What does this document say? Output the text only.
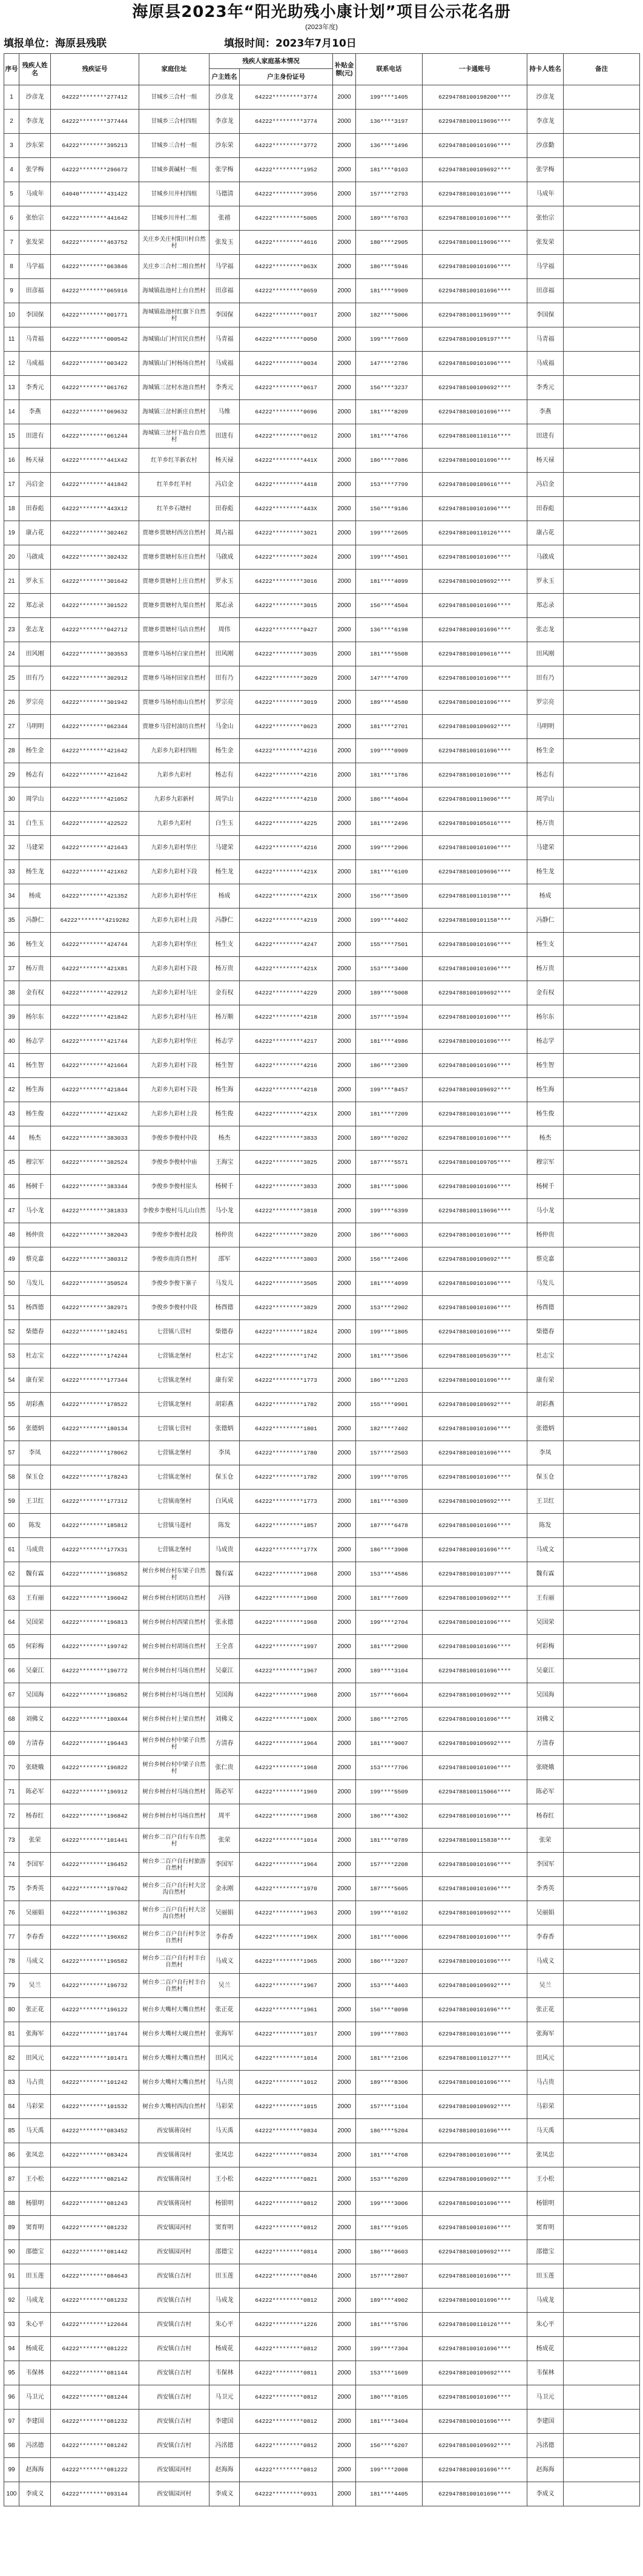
海原县2023年“阳光助残小康计划”项目公示花名册
(2023年度)
填报单位：海原县残联	填报时间：2023年7月10日
序号	残疾人姓名	残疾证号	家庭住址	残疾人家庭基本情况		补贴金额(元)	联系电话	一卡通账号	持卡人姓名	备注
				户主姓名	户主身份证号					
1	沙彦龙	64222********277412	甘城乡三合村一组	沙彦龙	64222*********3774	2000	199****1405	62294788100198200****	沙彦龙	
2	李彦龙	64222********377444	甘城乡三合村四组	李彦龙	64222*********3774	2000	136****3197	62294788100119696****	李彦龙	
3	沙东荣	64222********395213	甘城乡三合村一组	沙东荣	64222*********3772	2000	136****1496	62294788100101696****	沙彦勤	
4	张学梅	64222********296672	甘城乡黄碱村一组	张学梅	64222*********1952	2000	181****0103	62294788100109692****	张学梅	
5	马成年	64040********431422	甘城乡川井村四组	马德清	64222*********3956	2000	157****2793	62294788100101696****	马成年	
6	张怡宗	64222********441642	甘城乡川井村二组	张禧	64222*********5005	2000	189****6703	62294788100101696****	张怡宗	
7	张发荣	64222********463752	关庄乡关庄村阳川村自然村	张发玉	64222*********4616	2000	180****2905	62294788100119696****	张发荣	
8	马学福	64222********063846	关庄乡三合村二组自然村	马学福	64222*********063X	2000	186****5946	62294788100101696****	马学福	
9	田彦福	64222********065916	海城镇盐池村上台自然村	田彦福	64222*********0659	2000	181****9909	62294788100101696****	田彦福	
10	李国保	64222********001771	海城镇盐池村红旗下自然村	李国保	64222*********0017	2000	182****5006	62294788100119699****	李国保	
11	马青福	64222********000542	海城镇山门村官民自然村	马青福	64222*********0050	2000	199****7669	62294788100109197****	马青福	
12	马成福	64222********003422	海城镇山门村杨场自然村	马成福	64222*********0034	2000	147****2786	62294788100101696****	马成福	
13	李秀元	64222********061762	海城镇三岔村水池自然村	李秀元	64222*********0617	2000	156****3237	62294788100109692****	李秀元	
14	李燕	64222********069632	海城镇三岔村新庄自然村	马维	64222*********0696	2000	181****8209	62294788100101696****	李燕	
15	田进有	64222********061244	海城镇三岔村下盐台自然村	田进有	64222*********0612	2000	181****4766	62294788100110116****	田进有	
16	杨天禄	64222********441X42	红羊乡红羊新农村	杨天禄	64222*********441X	2000	186****7086	62294788100101696****	杨天禄	
17	冯启金	64222********441842	红羊乡红羊村	冯启金	64222*********4418	2000	153****7799	62294788100109616****	冯启金	
18	田春彪	64222********443X12	红羊乡石塘村	田春彪	64222*********443X	2000	156****9186	62294788100101696****	田春彪	
19	康占花	64222********302462	贾塘乡贾塘村西岔自然村	周占福	64222*********3021	2000	199****2605	62294788100110126****	康占花	
20	马啟成	64222********302432	贾塘乡贾塘村东庄自然村	马啟成	64222*********3024	2000	199****4501	62294788100101696****	马啟成	
21	罗永玉	64222********301642	贾塘乡贾塘村上庄自然村	罗永玉	64222*********3016	2000	181****4099	62294788100109692****	罗永玉	
22	郑志录	64222********301522	贾塘乡贾塘村九渠自然村	郑志录	64222*********3015	2000	156****4504	62294788100101696****	郑志录	
23	张志龙	64222********042712	贾塘乡贾塘村马店自然村	周伟	64222*********0427	2000	136****6198	62294788100101696****	张志龙	
24	田风刚	64222********303553	贾塘乡马场村白家自然村	田风刚	64222*********3035	2000	181****5508	62294788100109616****	田风刚	
25	田有乃	64222********302912	贾塘乡马场村田家自然村	田有乃	64222*********3029	2000	147****4709	62294788100101696****	田有乃	
26	罗宗亮	64222********301942	贾塘乡马场村南山自然村	罗宗亮	64222*********3019	2000	189****4580	62294788100101696****	罗宗亮	
27	马明明	64222********062344	贾塘乡马营村油坊自然村	马金山	64222*********0623	2000	181****2701	62294788100109692****	马明明	
28	杨生金	64222********421642	九彩乡九彩村四组	杨生金	64222*********4216	2000	199****0909	62294788100101696****	杨生金	
29	杨志有	64222********421642	九彩乡九彩村	杨志有	64222*********4216	2000	181****1786	62294788100101696****	杨志有	
30	周学山	64222********421052	九彩乡九彩新村	周学山	64222*********4210	2000	186****4604	62294788100119696****	周学山	
31	白生玉	64222********422522	九彩乡九彩村	白生玉	64222*********4225	2000	181****2496	62294788100105616****	杨万贵	
32	马建荣	64222********421643	九彩乡九彩村华庄	马建荣	64222*********4216	2000	199****2906	62294788100101696****	马建荣	
33	杨生龙	64222********421X62	九彩乡九彩村下段	杨生龙	64222*********421X	2000	181****6109	62294788100109696****	杨生龙	
34	杨成	64222********421352	九彩乡九彩村华庄	杨成	64222*********421X	2000	156****3509	62294788100110198****	杨成	
35	冯静仁	64222********4219282	九彩乡九彩村上段	冯静仁	64222*********4219	2000	199****4402	62294788100101158****	冯静仁	
36	杨生支	64222********424744	九彩乡九彩村华庄	杨生支	64222*********4247	2000	155****7501	62294788100101696****	杨生支	
37	杨万贵	64222********421X81	九彩乡九彩村下段	杨万贵	64222*********421X	2000	153****3400	62294788100101696****	杨万贵	
38	金有权	64222********422912	九彩乡九彩村马庄	金有权	64222*********4229	2000	189****5008	62294788100109692****	金有权	
39	杨尔东	64222********421842	九彩乡九彩村马庄	杨万顺	64222*********4218	2000	157****1594	62294788100101696****	杨尔东	
40	杨志学	64222********421744	九彩乡九彩村华庄	杨志学	64222*********4217	2000	181****4986	62294788100101696****	杨志学	
41	杨生智	64222********421664	九彩乡九彩村下段	杨生智	64222*********4216	2000	186****2309	62294788100101696****	杨生智	
42	杨生海	64222********421844	九彩乡九彩村下段	杨生海	64222*********4218	2000	199****8457	62294788100109692****	杨生海	
43	杨生俊	64222********421X42	九彩乡九彩村上段	杨生俊	64222*********421X	2000	181****7209	62294788100101696****	杨生俊	
44	杨杰	64222********383033	李俊乡李俊村中段	杨杰	64222*********3833	2000	189****0202	62294788100101696****	杨杰	
45	穆宗军	64222********382524	李俊乡李俊村中庙	王海宝	64222*********3825	2000	187****5571	62294788100109705****	穆宗军	
46	杨树千	64222********383344	李俊乡李俊村崖头	杨树千	64222*********3833	2000	181****1006	62294788100101696****	杨树千	
47	马小龙	64222********381833	李俊乡李俊村马儿山自然	马小龙	64222*********3818	2000	199****6399	62294788100119696****	马小龙	
48	杨仲贵	64222********382043	李俊乡李俊村北段	杨仲贵	64222*********3820	2000	186****6003	62294788100101696****	杨仲贵	
49	蔡克嘉	64222********380312	李俊乡南湾自然村	邵军	64222*********3803	2000	156****2406	62294788100109692****	蔡克嘉	
50	马发儿	64222********350524	李俊乡李俊下寨子	马发儿	64222*********3505	2000	181****4099	62294788100101696****	马发儿	
51	杨酉德	64222********382971	李俊乡李俊村中段	杨酉德	64222*********3829	2000	153****2902	62294788100101696****	杨酉德	
52	柴德春	64222********182451	七营镇八营村	柴德春	64222*********1824	2000	199****1805	62294788100101696****	柴德春	
53	杜志宝	64222********174244	七营镇北堡村	杜志宝	64222*********1742	2000	181****3506	62294788100105639****	杜志宝	
54	康有荣	64222********177344	七营镇北堡村	康有荣	64222*********1773	2000	186****1203	62294788100101696****	康有荣	
55	胡彩燕	64222********178522	七营镇北堡村	胡彩燕	64222*********1782	2000	155****0901	62294788100109692****	胡彩燕	
56	张德炳	64222********180134	七营镇七营村	张德炳	64222*********1801	2000	182****7402	62294788100101696****	张德炳	
57	李凤	64222********178062	七营镇北堡村	李凤	64222*********1780	2000	157****2503	62294788100101696****	李凤	
58	保玉仓	64222********178243	七营镇北堡村	保玉仓	64222*********1782	2000	199****0705	62294788100101696****	保玉仓	
59	王卫红	64222********177312	七营镇南堡村	白风成	64222*********1773	2000	181****6309	62294788100109692****	王卫红	
60	陈发	64222********185812	七营镇马莲村	陈发	64222*********1857	2000	187****6478	62294788100101696****	陈发	
61	马成贵	64222********177X31	七营镇北堡村	马成贵	64222*********177X	2000	186****3908	62294788100101696****	马成文	
62	魏有霖	64222********196852	树台乡树台村东梁子自然村	魏有霖	64222*********1968	2000	153****4586	62294788100101097****	魏有霖	
63	王有丽	64222********196042	树台乡树台村团坊自然村	冯锋	64222*********1960	2000	181****7609	62294788100109692****	王有丽	
64	吴国荣	64222********196813	树台乡树台村西梁自然村	张永德	64222*********1968	2000	199****2704	62294788100101696****	吴国荣	
65	何彩梅	64222********199742	树台乡树台村胡场自然村	王全喜	64222*********1997	2000	181****2900	62294788100101696****	何彩梅	
66	吴豪江	64222********196772	树台乡树台村马场自然村	吴豪江	64222*********1967	2000	189****3104	62294788100101696****	吴豪江	
67	吴国海	64222********196852	树台乡树台村马场自然村	吴国海	64222*********1968	2000	157****6604	62294788100109692****	吴国海	
68	刘佛义	64222********100X44	树台乡树台村上梁自然村	刘佛义	64222*********100X	2000	186****2705	62294788100101696****	刘佛义	
69	方清春	64222********196443	树台乡树台村中梁子自然村	方清春	64222*********1964	2000	181****9007	62294788100109692****	方清春	
70	张晓娥	64222********196822	树台乡树台村中梁子自然村	张仁贵	64222*********1968	2000	153****7706	62294788100101696****	张晓娥	
71	陈必军	64222********196912	树台乡树台村马场自然村	陈必军	64222*********1969	2000	199****5509	62294788100115066****	陈必军	
72	杨春红	64222********196842	树台乡树台村马场自然村	周平	64222*********1968	2000	186****4302	62294788100101696****	杨春红	
73	张荣	64222********101441	树台乡二百户自行车自然村	张荣	64222*********1014	2000	181****0789	62294788100115838****	张荣	
74	李国军	64222********196452	树台乡二百户自行村旅游自然村	李国军	64222*********1964	2000	157****2208	62294788100101696****	李国军	
75	李秀英	64222********197042	树台乡二百户自行村大岔沟自然村	金永刚	64222*********1970	2000	187****5605	62294788100101696****	李秀英	
76	吴丽娟	64222********196382	树台乡二百户自行村大岔沟自然村	吴丽娟	64222*********1963	2000	199****0102	62294788100109692****	吴丽娟	
77	李春香	64222********196X62	树台乡二百户自行村李岔自然村	李春香	64222*********196X	2000	181****6006	62294788100101696****	李春香	
78	马成义	64222********196582	树台乡二百户自行村丰台自然村	马成义	64222*********1965	2000	186****3207	62294788100101696****	马成义	
79	吴兰	64222********196732	树台乡二百户自行村丰台自然村	吴兰	64222*********1967	2000	153****4403	62294788100109692****	吴兰	
80	张正花	64222********196122	树台乡大嘴村大嘴自然村	张正花	64222*********1961	2000	156****0098	62294788100101696****	张正花	
81	张海军	64222********101744	树台乡大嘴村大岘自然村	张海军	64222*********1017	2000	199****7803	62294788100101696****	张海军	
82	田风元	64222********101471	树台乡大嘴村大嘴自然村	田风元	64222*********1014	2000	181****2106	62294788100110127****	田风元	
83	马占贵	64222********101242	树台乡大嘴村大嘴自然村	马占贵	64222*********1012	2000	189****8306	62294788100101696****	马占贵	
84	马彩荣	64222********101532	树台乡大嘴村西沟自然村	马彩荣	64222*********1015	2000	157****1104	62294788100109692****	马彩荣	
85	马天禹	64222********083452	西安镇蒋岗村	马天禹	64222*********0834	2000	186****5204	62294788100101696****	马天禹	
86	张凤忠	64222********083424	西安镇蒋岗村	张凤忠	64222*********0834	2000	181****4708	62294788100101696****	张凤忠	
87	王小松	64222********082142	西安镇蒋岗村	王小松	64222*********0821	2000	153****6209	62294788100109692****	王小松	
88	杨银明	64222********081243	西安镇蒋岗村	杨银明	64222*********0812	2000	199****3006	62294788100101696****	杨银明	
89	窦育明	64222********081232	西安镇园河村	窦育明	64222*********0812	2000	181****9105	62294788100101696****	窦育明	
90	邵德宝	64222********081442	西安镇园河村	邵德宝	64222*********0814	2000	186****0603	62294788100109692****	邵德宝	
91	田玉莲	64222********084643	西安镇白吉村	田玉莲	64222*********0846	2000	157****2807	62294788100101696****	田玉莲	
92	马成龙	64222********081232	西安镇白吉村	马成龙	64222*********0812	2000	189****4902	62294788100101696****	马成龙	
93	朱心平	64222********122644	西安镇白吉村	朱心平	64222*********1226	2000	181****5706	62294788100110126****	朱心平	
94	杨成花	64222********081222	西安镇白吉村	杨成花	64222*********0812	2000	199****7304	62294788100101696****	杨成花	
95	韦保林	64222********081144	西安镇白吉村	韦保林	64222*********0811	2000	153****1609	62294788100109692****	韦保林	
96	马卫元	64222********081244	西安镇白吉村	马卫元	64222*********0812	2000	186****8105	62294788100101696****	马卫元	
97	李建国	64222********081232	西安镇白吉村	李建国	64222*********0812	2000	181****3404	62294788100101696****	李建国	
98	冯洺德	64222********081242	西安镇白吉村	冯洺德	64222*********0812	2000	156****6207	62294788100109692****	冯洺德	
99	赵海海	64222********081222	西安镇园河村	赵海海	64222*********0812	2000	199****2008	62294788100101696****	赵海海	
100	李成义	64222********093144	西安镇园河村	李成义	64222*********0931	2000	181****4405	62294788100101696****	李成义	
